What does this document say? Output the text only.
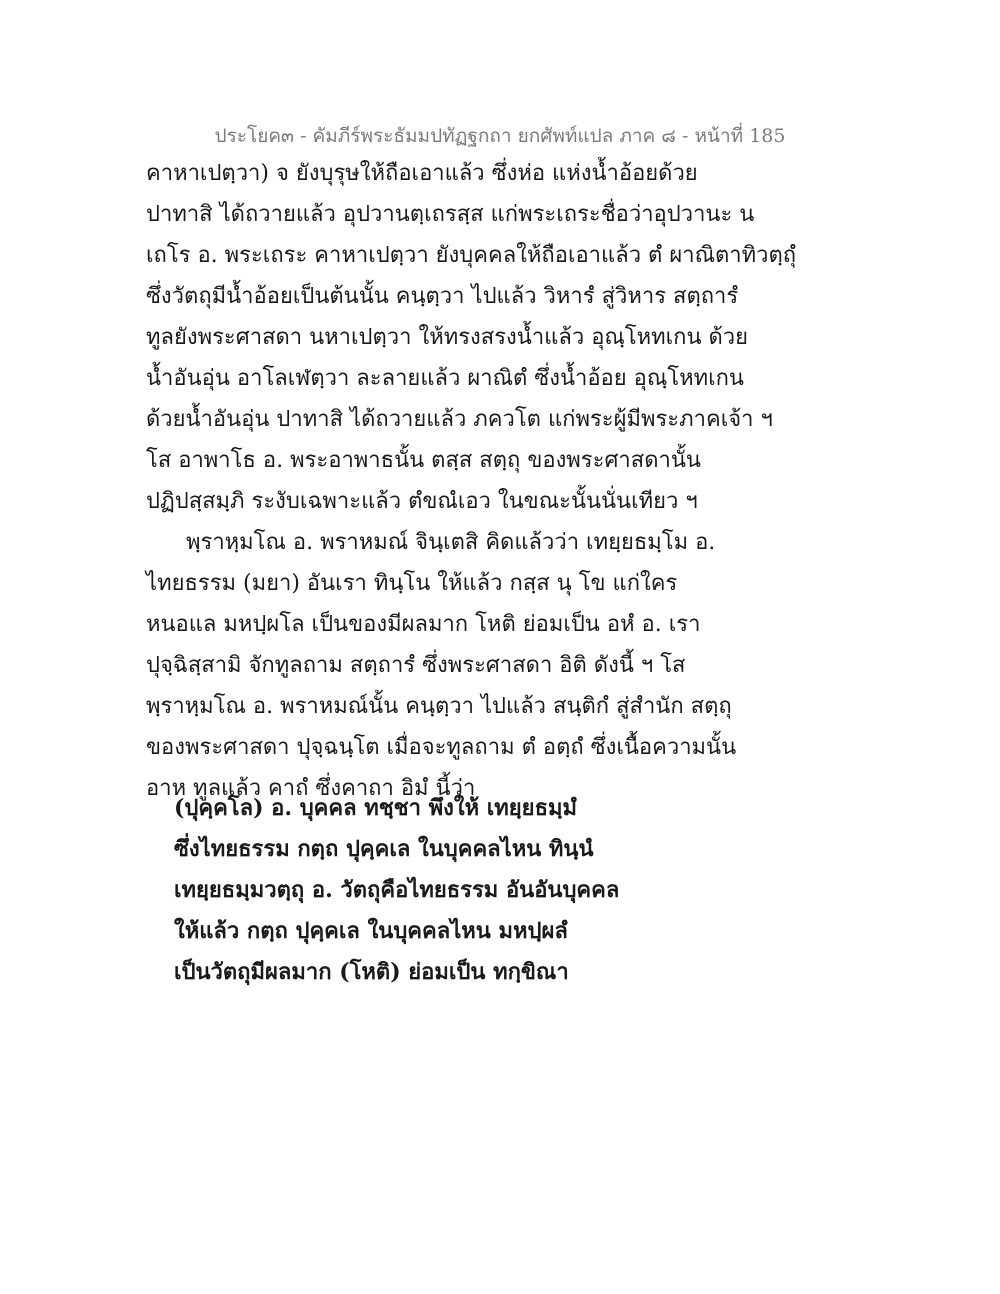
ประโยค๓ - คัมภีร์พระธัมมปทัฏฐกถา ยกศัพท์แปล ภาค ๘ - หน้าที่ 185
คาหาเปตฺวา) จ ยังบุรุษให้ถือเอาแล้ว ซึ่งห่อ แห่งน้ำอ้อยด้วย
ปาทาสิ ได้ถวายแล้ว อุปวานตฺเถรสฺส แก่พระเถระชื่อว่าอุปวานะ น
เถโร อ. พระเถระ คาหาเปตฺวา ยังบุคคลให้ถือเอาแล้ว ตํ ผาณิตาทิวตฺถุํ
ซึ่งวัตถุมีน้ำอ้อยเป็นต้นนั้น คนฺตฺวา ไปแล้ว วิหารํ สู่วิหาร สตฺถารํ
ทูลยังพระศาสดา นหาเปตฺวา ให้ทรงสรงน้ำแล้ว อุณฺโหทเกน ด้วย
น้ำอันอุ่น อาโลเฬตฺวา ละลายแล้ว ผาณิตํ ซึ่งน้ำอ้อย อุณฺโหทเกน
ด้วยน้ำอันอุ่น ปาทาสิ ได้ถวายแล้ว ภควโต แก่พระผู้มีพระภาคเจ้า ฯ
โส อาพาโธ อ. พระอาพาธนั้น ตสฺส สตฺถุ ของพระศาสดานั้น
ปฏิปสฺสมฺภิ ระงับเฉพาะแล้ว ตํขณํเอว ในขณะนั้นนั่นเทียว ฯ
พฺราหฺมโณ อ. พราหมณ์ จินฺเตสิ คิดแล้วว่า เทยฺยธมฺโม อ.
ไทยธรรม (มยา) อันเรา ทินฺโน ให้แล้ว กสฺส นุ โข แก่ใคร
หนอแล มหปฺผโล เป็นของมีผลมาก โหติ ย่อมเป็น อหํ อ. เรา
ปุจฺฉิสฺสามิ จักทูลถาม สตฺถารํ ซึ่งพระศาสดา อิติ ดังนี้ ฯ โส
พฺราหฺมโณ อ. พราหมณ์นั้น คนฺตฺวา ไปแล้ว สนฺติกํ สู่สำนัก สตฺถุ
ของพระศาสดา ปุจฺฉนฺโต เมื่อจะทูลถาม ตํ อตฺถํ ซึ่งเนื้อความนั้น
อาห ทูลแล้ว คาถํ ซึ่งคาถา อิมํ นี้ว่า
(ปุคฺคโล) อ. บุคคล ทชฺชา พึงให้ เทยฺยธมฺมํ
ซึ่งไทยธรรม กตฺถ ปุคฺคเล ในบุคคลไหน ทินฺนํ
เทยฺยธมฺมวตฺถุ อ. วัตถุคือไทยธรรม อันอันบุคคล
ให้แล้ว กตฺถ ปุคฺคเล ในบุคคลไหน มหปฺผลํ
เป็นวัตถุมีผลมาก (โหติ) ย่อมเป็น ทกฺขิณา
